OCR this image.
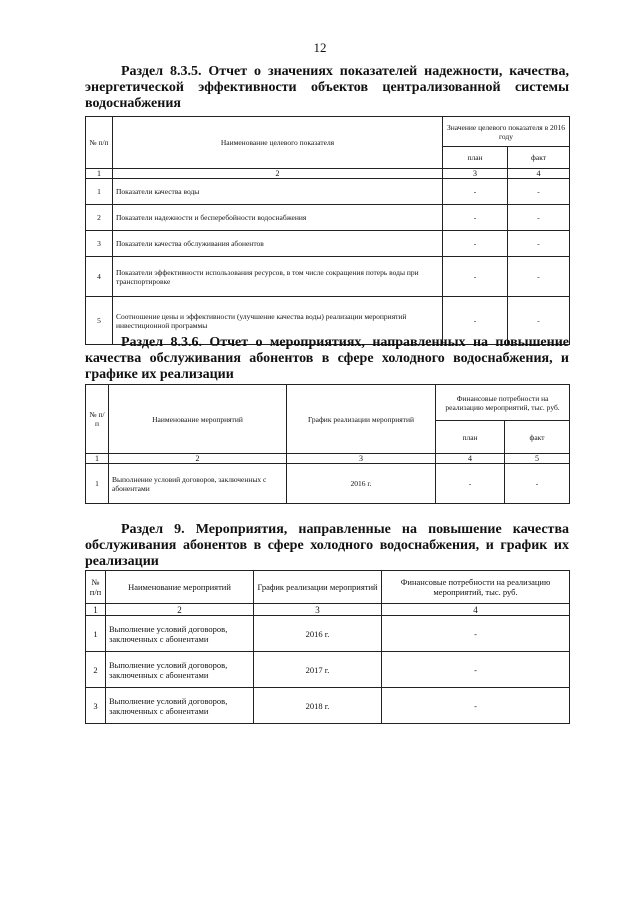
12
Раздел 8.3.5. Отчет о значениях показателей надежности, качества, энергетической эффективности объектов централизованной системы водоснабжения
№ п/п	Наименование целевого показателя	Значение целевого показателя в 2016 году	
		план	факт
1	2	3	4
1	Показатели качества воды	-	-
2	Показатели надежности и бесперебойности водоснабжения	-	-
3	Показатели качества обслуживания абонентов	-	-
4	Показатели эффективности использования ресурсов, в том числе сокращения потерь воды при транспортировке	-	-
5	Соотношение цены и эффективности (улучшение качества воды) реализации мероприятий инвестиционной программы	-	-
Раздел 8.3.6. Отчет о мероприятиях, направленных на повышение качества обслуживания абонентов в сфере холодного водоснабжения, и графике их реализации
№ п/п	Наименование мероприятий	График реализации мероприятий	Финансовые потребности на реализацию мероприятий, тыс. руб.	
			план	факт
1	2	3	4	5
1	Выполнение условий договоров, заключенных с абонентами	2016 г.	-	-
Раздел 9. Мероприятия, направленные на повышение качества обслуживания абонентов в сфере холодного водоснабжения, и график их реализации
№ п/п	Наименование мероприятий	График реализации мероприятий	Финансовые потребности на реализацию мероприятий, тыс. руб.
1	2	3	4
1	Выполнение условий договоров, заключенных с абонентами	2016 г.	-
2	Выполнение условий договоров, заключенных с абонентами	2017 г.	-
3	Выполнение условий договоров, заключенных с абонентами	2018 г.	-
